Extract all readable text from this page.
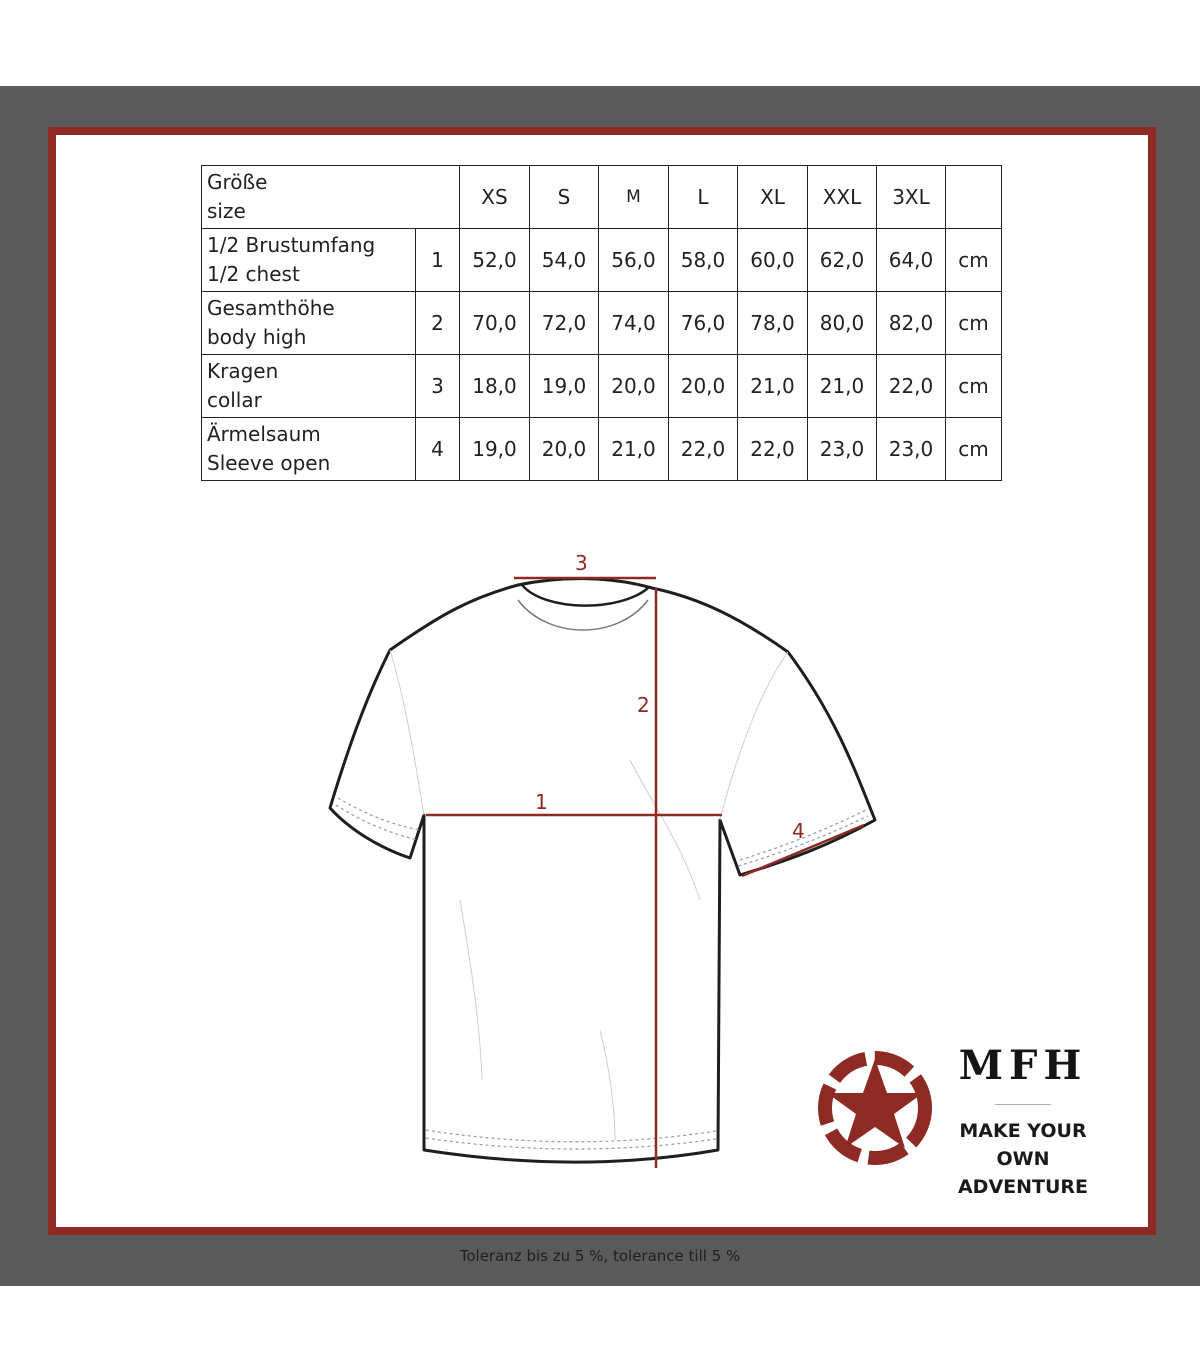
Größe
size		XS	S	M	L	XL	XXL	3XL	

1/2 Brustumfang
1/2 chest	1	52,0	54,0	56,0	58,0	60,0	62,0	64,0	cm

Gesamthöhe
body high	2	70,0	72,0	74,0	76,0	78,0	80,0	82,0	cm

Kragen
collar	3	18,0	19,0	20,0	20,0	21,0	21,0	22,0	cm

Ärmelsaum
Sleeve open	4	19,0	20,0	21,0	22,0	22,0	23,0	23,0	cm
1
2
3
4
MFH
MAKE YOUR OWN
ADVENTURE
Toleranz bis zu 5 %, tolerance till 5 %
